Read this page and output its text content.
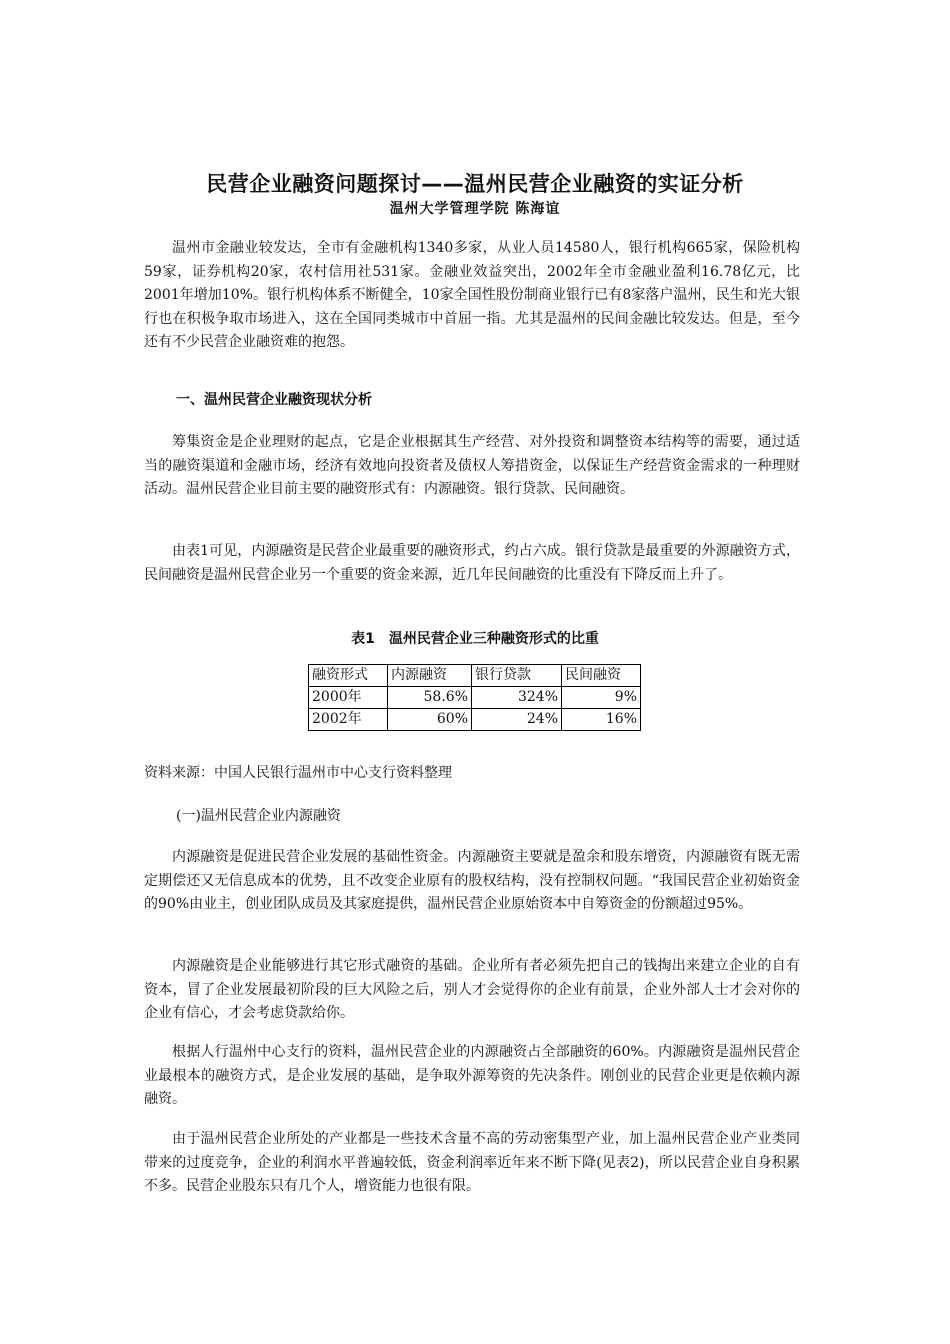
民营企业融资问题探讨——温州民营企业融资的实证分析
温州大学管理学院 陈海谊

温州市金融业较发达，全市有金融机构1340多家，从业人员14580人，银行机构665家，保险机构59家，证券机构20家，农村信用社531家。金融业效益突出，2002年全市金融业盈利16.78亿元，比2001年增加10%。银行机构体系不断健全，10家全国性股份制商业银行已有8家落户温州，民生和光大银行也在积极争取市场进入，这在全国同类城市中首屈一指。尤其是温州的民间金融比较发达。但是，至今还有不少民营企业融资难的抱怨。

一、温州民营企业融资现状分析

筹集资金是企业理财的起点，它是企业根据其生产经营、对外投资和调整资本结构等的需要，通过适当的融资渠道和金融市场，经济有效地向投资者及债权人筹措资金，以保证生产经营资金需求的一种理财活动。温州民营企业目前主要的融资形式有：内源融资。银行贷款、民间融资。

由表1可见，内源融资是民营企业最重要的融资形式，约占六成。银行贷款是最重要的外源融资方式，民间融资是温州民营企业另一个重要的资金来源，近几年民间融资的比重没有下降反而上升了。

表1　温州民营企业三种融资形式的比重
融资形式	内源融资	银行贷款	民间融资
2000年	58.6%	324%	9%
2002年	60%	24%	16%

资料来源：中国人民银行温州市中心支行资料整理

(一)温州民营企业内源融资

内源融资是促进民营企业发展的基础性资金。内源融资主要就是盈余和股东增资，内源融资有既无需定期偿还又无信息成本的优势，且不改变企业原有的股权结构，没有控制权问题。“我国民营企业初始资金的90%由业主，创业团队成员及其家庭提供，温州民营企业原始资本中自筹资金的份额超过95%。

内源融资是企业能够进行其它形式融资的基础。企业所有者必须先把自己的钱掏出来建立企业的自有资本，冒了企业发展最初阶段的巨大风险之后，别人才会觉得你的企业有前景，企业外部人士才会对你的企业有信心，才会考虑贷款给你。

根据人行温州中心支行的资料，温州民营企业的内源融资占全部融资的60%。内源融资是温州民营企业最根本的融资方式，是企业发展的基础，是争取外源筹资的先决条件。刚创业的民营企业更是依赖内源融资。

由于温州民营企业所处的产业都是一些技术含量不高的劳动密集型产业，加上温州民营企业产业类同带来的过度竞争，企业的利润水平普遍较低，资金利润率近年来不断下降(见表2)，所以民营企业自身积累不多。民营企业股东只有几个人，增资能力也很有限。
